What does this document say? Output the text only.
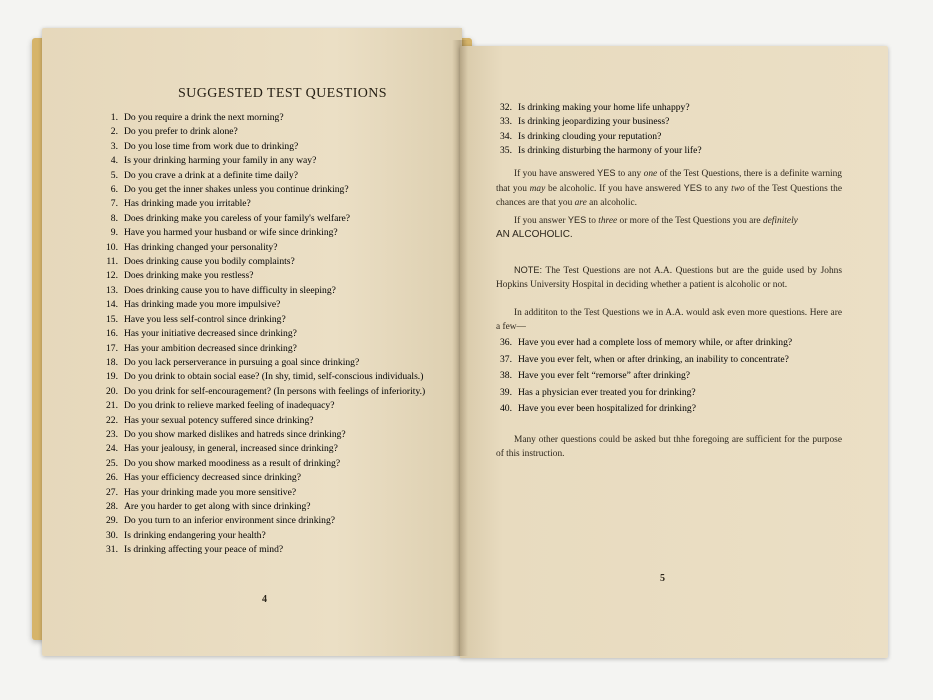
SUGGESTED TEST QUESTIONS
1. Do you require a drink the next morning?
2. Do you prefer to drink alone?
3. Do you lose time from work due to drinking?
4. Is your drinking harming your family in any way?
5. Do you crave a drink at a definite time daily?
6. Do you get the inner shakes unless you continue drinking?
7. Has drinking made you irritable?
8. Does drinking make you careless of your family's welfare?
9. Have you harmed your husband or wife since drinking?
10. Has drinking changed your personality?
11. Does drinking cause you bodily complaints?
12. Does drinking make you restless?
13. Does drinking cause you to have difficulty in sleeping?
14. Has drinking made you more impulsive?
15. Have you less self-control since drinking?
16. Has your initiative decreased since drinking?
17. Has your ambition decreased since drinking?
18. Do you lack perserverance in pursuing a goal since drinking?
19. Do you drink to obtain social ease? (In shy, timid, self-conscious individuals.)
20. Do you drink for self-encouragement? (In persons with feelings of inferiority.)
21. Do you drink to relieve marked feeling of inadequacy?
22. Has your sexual potency suffered since drinking?
23. Do you show marked dislikes and hatreds since drinking?
24. Has your jealousy, in general, increased since drinking?
25. Do you show marked moodiness as a result of drinking?
26. Has your efficiency decreased since drinking?
27. Has your drinking made you more sensitive?
28. Are you harder to get along with since drinking?
29. Do you turn to an inferior environment since drinking?
30. Is drinking endangering your health?
31. Is drinking affecting your peace of mind?
4
32. Is drinking making your home life unhappy?
33. Is drinking jeopardizing your business?
34. Is drinking clouding your reputation?
35. Is drinking disturbing the harmony of your life?
If you have answered YES to any one of the Test Questions, there is a definite warning that you may be alcoholic. If you have answered YES to any two of the Test Questions the chances are that you are an alcoholic.
If you answer YES to three or more of the Test Questions you are definitely
AN ALCOHOLIC.
NOTE: The Test Questions are not A.A. Questions but are the guide used by Johns Hopkins University Hospital in deciding whether a patient is alcoholic or not.
In addititon to the Test Questions we in A.A. would ask even more questions. Here are a few—
36. Have you ever had a complete loss of memory while, or after drinking?
37. Have you ever felt, when or after drinking, an inability to concentrate?
38. Have you ever felt “remorse” after drinking?
39. Has a physician ever treated you for drinking?
40. Have you ever been hospitalized for drinking?
Many other questions could be asked but thhe foregoing are sufficient for the purpose of this instruction.
5
